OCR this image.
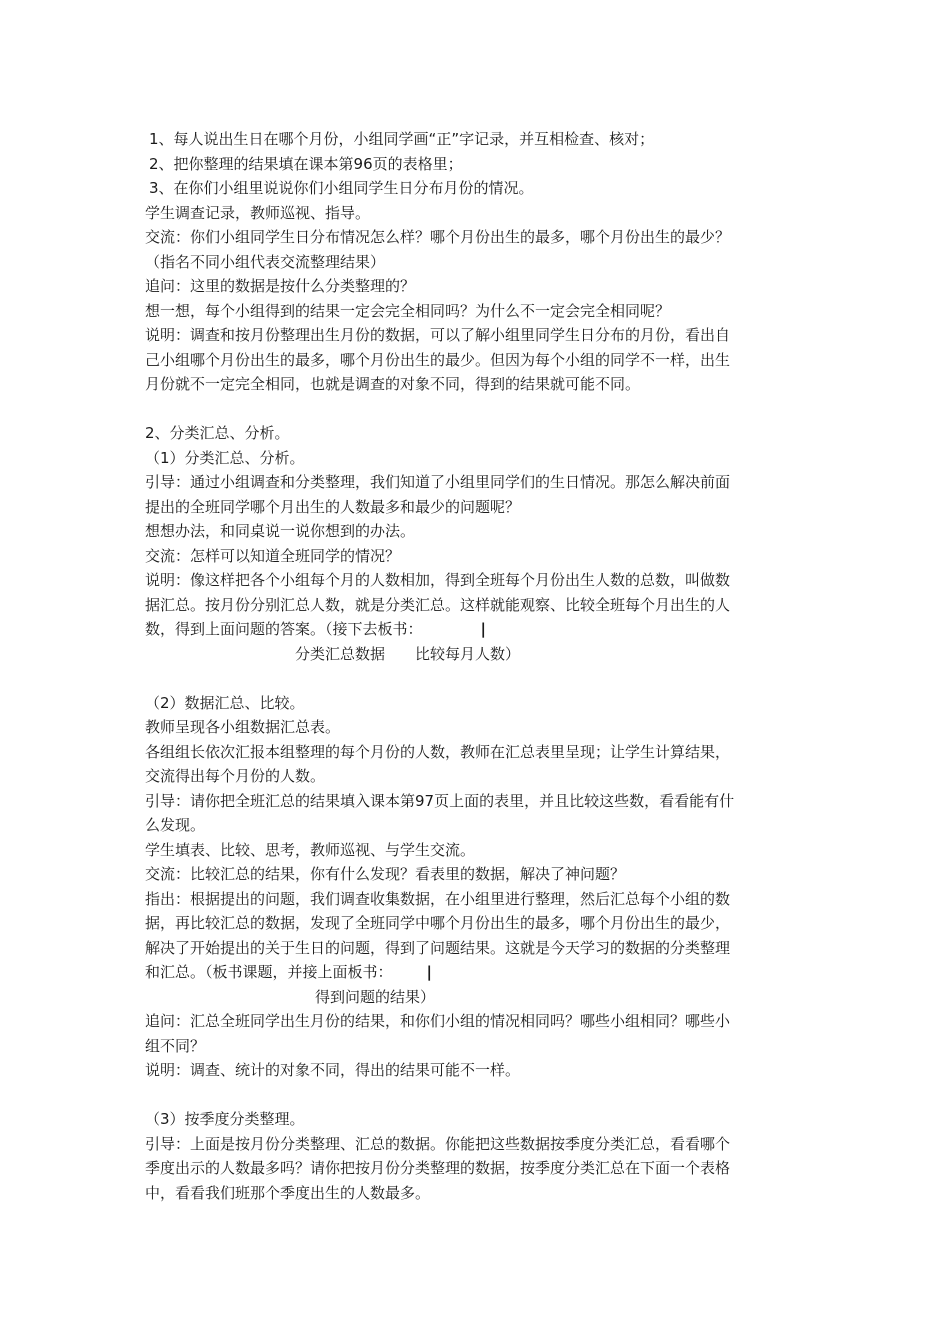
1、每人说出生日在哪个月份，小组同学画“正”字记录，并互相检查、核对；
2、把你整理的结果填在课本第96页的表格里；
3、在你们小组里说说你们小组同学生日分布月份的情况。
学生调查记录，教师巡视、指导。
交流：你们小组同学生日分布情况怎么样？哪个月份出生的最多，哪个月份出生的最少？
（指名不同小组代表交流整理结果）
追问：这里的数据是按什么分类整理的？
想一想，每个小组得到的结果一定会完全相同吗？为什么不一定会完全相同呢？
说明：调查和按月份整理出生月份的数据，可以了解小组里同学生日分布的月份，看出自
己小组哪个月份出生的最多，哪个月份出生的最少。但因为每个小组的同学不一样，出生
月份就不一定完全相同，也就是调查的对象不同，得到的结果就可能不同。
2、分类汇总、分析。
（1）分类汇总、分析。
引导：通过小组调查和分类整理，我们知道了小组里同学们的生日情况。那怎么解决前面
提出的全班同学哪个月出生的人数最多和最少的问题呢？
想想办法，和同桌说一说你想到的办法。
交流：怎样可以知道全班同学的情况？
说明：像这样把各个小组每个月的人数相加，得到全班每个月份出生人数的总数，叫做数
据汇总。按月份分别汇总人数，就是分类汇总。这样就能观察、比较全班每个月出生的人
数，得到上面问题的答案。（接下去板书：	|
分类汇总数据　　比较每月人数）
（2）数据汇总、比较。
教师呈现各小组数据汇总表。
各组组长依次汇报本组整理的每个月份的人数，教师在汇总表里呈现；让学生计算结果，
交流得出每个月份的人数。
引导：请你把全班汇总的结果填入课本第97页上面的表里，并且比较这些数，看看能有什
么发现。
学生填表、比较、思考，教师巡视、与学生交流。
交流：比较汇总的结果，你有什么发现？看表里的数据，解决了神问题？
指出：根据提出的问题，我们调查收集数据，在小组里进行整理，然后汇总每个小组的数
据，再比较汇总的数据，发现了全班同学中哪个月份出生的最多，哪个月份出生的最少，
解决了开始提出的关于生日的问题，得到了问题结果。这就是今天学习的数据的分类整理
和汇总。（板书课题，并接上面板书： |
得到问题的结果）
追问：汇总全班同学出生月份的结果，和你们小组的情况相同吗？哪些小组相同？哪些小
组不同？
说明：调查、统计的对象不同，得出的结果可能不一样。
（3）按季度分类整理。
引导：上面是按月份分类整理、汇总的数据。你能把这些数据按季度分类汇总，看看哪个
季度出示的人数最多吗？请你把按月份分类整理的数据，按季度分类汇总在下面一个表格
中，看看我们班那个季度出生的人数最多。
